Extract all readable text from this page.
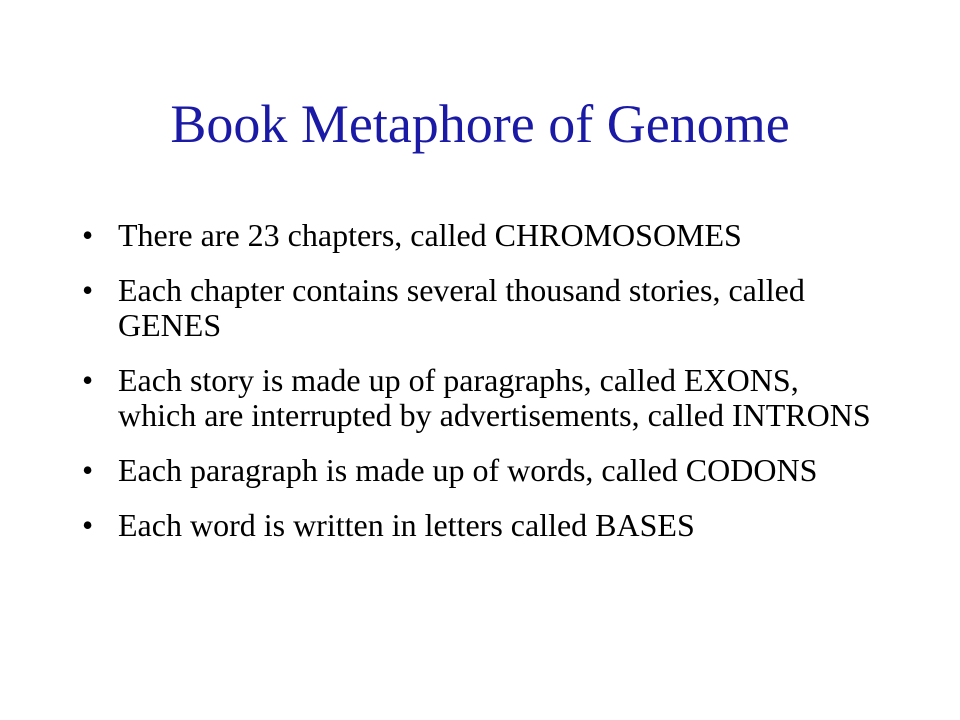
Book Metaphore of Genome
• There are 23 chapters, called CHROMOSOMES
• Each chapter contains several thousand stories, called GENES
• Each story is made up of paragraphs, called EXONS, which are interrupted by advertisements, called INTRONS
• Each paragraph is made up of words, called CODONS
• Each word is written in letters called BASES
